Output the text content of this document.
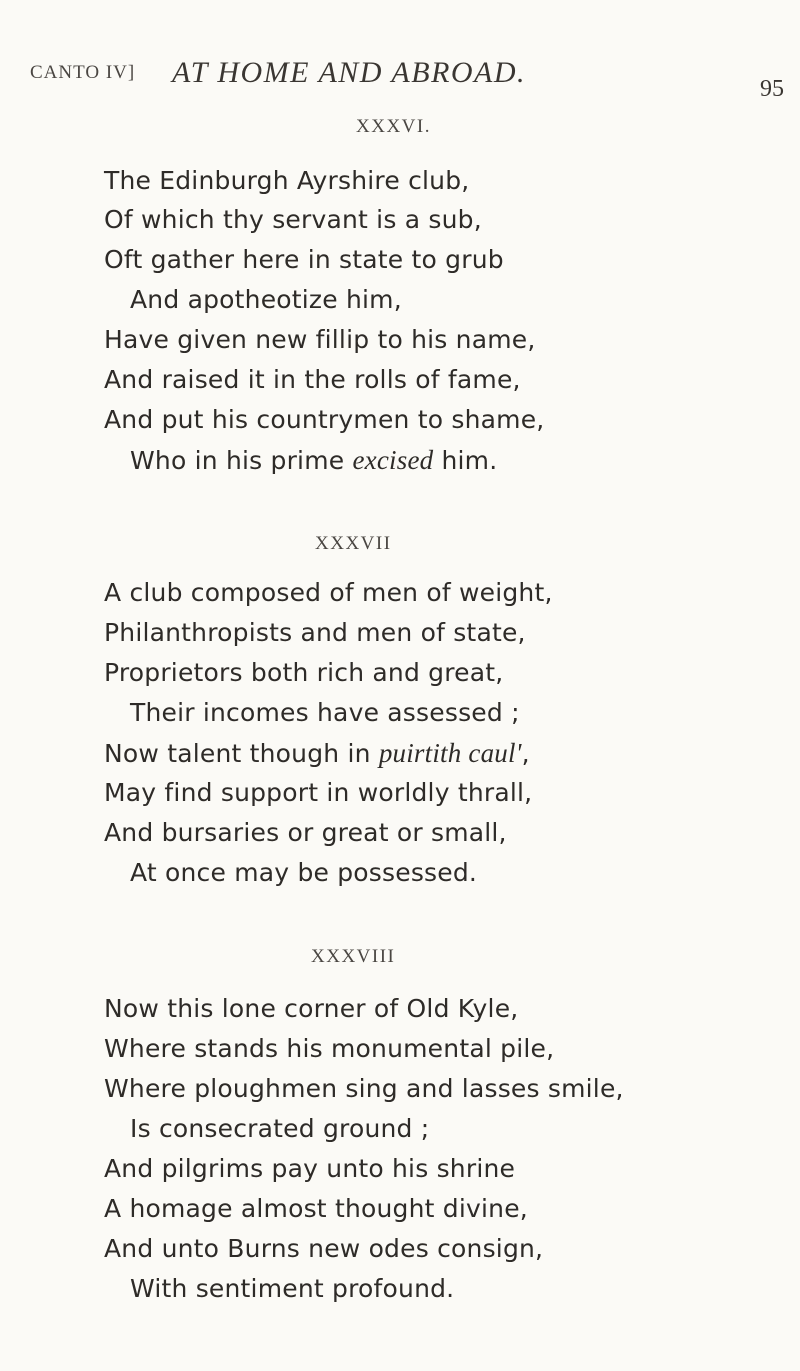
CANTO IV] AT HOME AND ABROAD.	95
XXXVI.
The Edinburgh Ayrshire club,
Of which thy servant is a sub,
Oft gather here in state to grub
And apotheotize him,
Have given new fillip to his name,
And raised it in the rolls of fame,
And put his countrymen to shame,
Who in his prime excised him.
XXXVII
A club composed of men of weight,
Philanthropists and men of state,
Proprietors both rich and great,
Their incomes have assessed ;
Now talent though in puirtith caul',
May find support in worldly thrall,
And bursaries or great or small,
At once may be possessed.
XXXVIII
Now this lone corner of Old Kyle,
Where stands his monumental pile,
Where ploughmen sing and lasses smile,
Is consecrated ground ;
And pilgrims pay unto his shrine
A homage almost thought divine,
And unto Burns new odes consign,
With sentiment profound.
